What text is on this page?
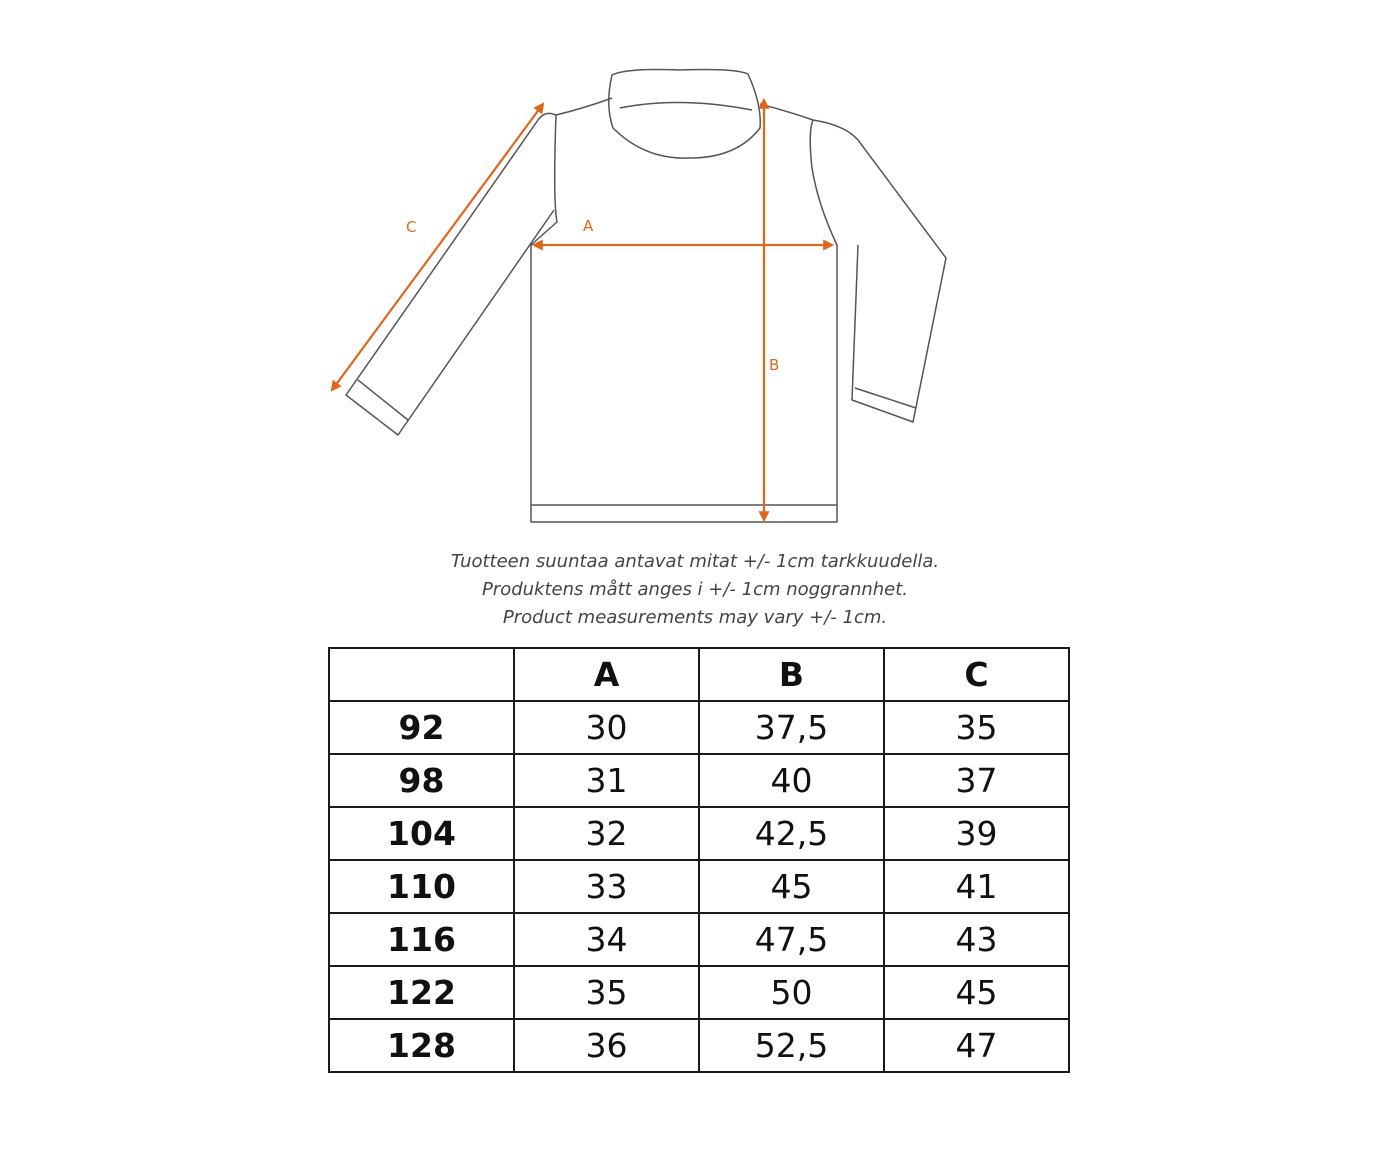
A
B
C
Tuotteen suuntaa antavat mitat +/- 1cm tarkkuudella.
Produktens mått anges i +/- 1cm noggrannhet.
Product measurements may vary +/- 1cm.
	A	B	C
92	30	37,5	35
98	31	40	37
104	32	42,5	39
110	33	45	41
116	34	47,5	43
122	35	50	45
128	36	52,5	47
